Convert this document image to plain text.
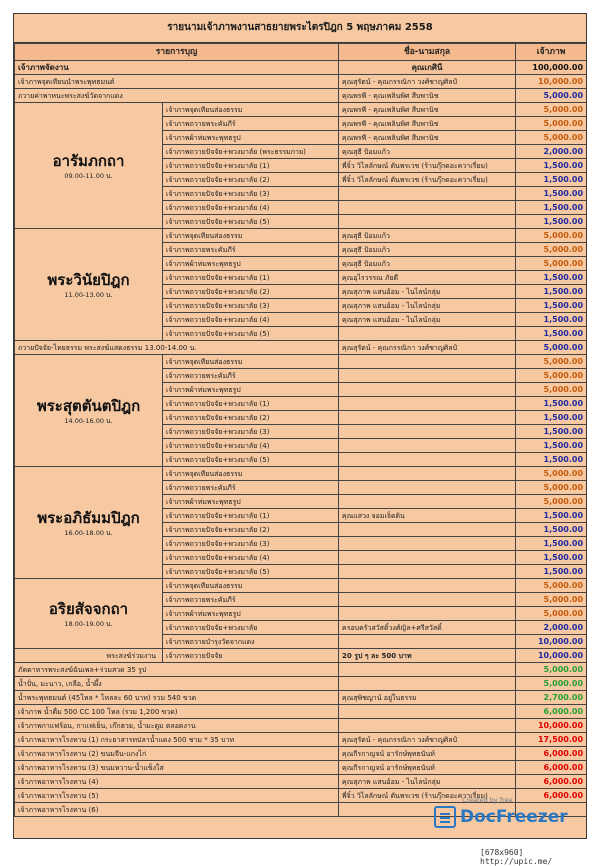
รายนามเจ้าภาพงานสาธยายพระไตรปิฎก 5 พฤษภาคม 2558
รายการบุญ		ชื่อ-นามสกุล	เจ้าภาพ
เจ้าภาพจัดงาน		คุณเกศินี	100,000.00
เจ้าภาพจุดเทียนนำพระพุทธมนต์		คุณสุรัตน์ - คุณกรรณิกา วงศ์ชาญศิลป์	10,000.00
ถวายค่าพาหนะพระสงฆ์วัดจากแดง		คุณพรพี - คุณเพลินพิศ สืบพานิช	5,000.00

อารัมภกถา
09.00-11.00 น.	เจ้าภาพจุดเทียนส่องธรรม	คุณพรพี - คุณเพลินพิศ สืบพานิช	5,000.00
	เจ้าภาพถวายพระคัมภีร์	คุณพรพี - คุณเพลินพิศ สืบพานิช	5,000.00
	เจ้าภาพผ้าห่มพระพุทธรูป	คุณพรพี - คุณเพลินพิศ สืบพานิช	5,000.00
	เจ้าภาพถวายปัจจัย+พวงมาลัย (พระธรรมกาย)	คุณสุธี ป้อมแก้ว	2,000.00
	เจ้าภาพถวายปัจจัย+พวงมาลัย (1)	พี่จิ๋ว วิไลลักษณ์ ตันพรเวช (ร้านกุ๊กดอะควาเรี่ยม)	1,500.00
	เจ้าภาพถวายปัจจัย+พวงมาลัย (2)	พี่จิ๋ว วิไลลักษณ์ ตันพรเวช (ร้านกุ๊กดอะควาเรี่ยม)	1,500.00
	เจ้าภาพถวายปัจจัย+พวงมาลัย (3)		1,500.00
	เจ้าภาพถวายปัจจัย+พวงมาลัย (4)		1,500.00
	เจ้าภาพถวายปัจจัย+พวงมาลัย (5)		1,500.00

พระวินัยปิฎก
11.00-13.00 น.	เจ้าภาพจุดเทียนส่องธรรม	คุณสุธี ป้อมแก้ว	5,000.00
	เจ้าภาพถวายพระคัมภีร์	คุณสุธี ป้อมแก้ว	5,000.00
	เจ้าภาพผ้าห่มพระพุทธรูป	คุณสุธี ป้อมแก้ว	5,000.00
	เจ้าภาพถวายปัจจัย+พวงมาลัย (1)	คุณอุไรวรรณ ภัยดี	1,500.00
	เจ้าภาพถวายปัจจัย+พวงมาลัย (2)	คุณสุภาพ แสนอ้อม - ไนไลน์กลุ่ม	1,500.00
	เจ้าภาพถวายปัจจัย+พวงมาลัย (3)	คุณสุภาพ แสนอ้อม - ไนไลน์กลุ่ม	1,500.00
	เจ้าภาพถวายปัจจัย+พวงมาลัย (4)	คุณสุภาพ แสนอ้อม - ไนไลน์กลุ่ม	1,500.00
	เจ้าภาพถวายปัจจัย+พวงมาลัย (5)		1,500.00
ถวายปัจจัย-ไทยธรรม พระสงฆ์แสดงธรรม 13.00-14.00 น.		คุณสุรัตน์ - คุณกรรณิกา วงศ์ชาญศิลป์	5,000.00

พระสุตตันตปิฎก
14.00-16.00 น.	เจ้าภาพจุดเทียนส่องธรรม		5,000.00
	เจ้าภาพถวายพระคัมภีร์		5,000.00
	เจ้าภาพผ้าห่มพระพุทธรูป		5,000.00
	เจ้าภาพถวายปัจจัย+พวงมาลัย (1)		1,500.00
	เจ้าภาพถวายปัจจัย+พวงมาลัย (2)		1,500.00
	เจ้าภาพถวายปัจจัย+พวงมาลัย (3)		1,500.00
	เจ้าภาพถวายปัจจัย+พวงมาลัย (4)		1,500.00
	เจ้าภาพถวายปัจจัย+พวงมาลัย (5)		1,500.00

พระอภิธัมมปิฎก
16.00-18.00 น.	เจ้าภาพจุดเทียนส่องธรรม		5,000.00
	เจ้าภาพถวายพระคัมภีร์		5,000.00
	เจ้าภาพผ้าห่มพระพุทธรูป		5,000.00
	เจ้าภาพถวายปัจจัย+พวงมาลัย (1)	คุณแสวง จอมเจ็ดดิน	1,500.00
	เจ้าภาพถวายปัจจัย+พวงมาลัย (2)		1,500.00
	เจ้าภาพถวายปัจจัย+พวงมาลัย (3)		1,500.00
	เจ้าภาพถวายปัจจัย+พวงมาลัย (4)		1,500.00
	เจ้าภาพถวายปัจจัย+พวงมาลัย (5)		1,500.00

อริยสัจจกถา
18.00-19.00 น.	เจ้าภาพจุดเทียนส่องธรรม		5,000.00
	เจ้าภาพถวายพระคัมภีร์		5,000.00
	เจ้าภาพผ้าห่มพระพุทธรูป		5,000.00
	เจ้าภาพถวายปัจจัย+พวงมาลัย	ครอบครัวสวัสดิ์วงศ์ญิล+ศรีสวัสดิ์	2,000.00
	เจ้าภาพถวายบำรุงวัดจากแดง		10,000.00
พระสงฆ์ร่วมงาน	เจ้าภาพถวายปัจจัย	20 รูป ๆ ละ 500 บาท	10,000.00
ภัตตาหารพระสงฆ์ฉันเพล+ร่วมสวด 35 รูป			5,000.00
น้ำปั่น, มะนาว, เกลือ, น้ำผึ้ง			5,000.00
น้ำพระพุทธมนต์ (45โหล * โหลละ 60 บาท) รวม 540 ขวด		คุณสุพิชญาน์ อยู่ในธรรม	2,700.00
เจ้าภาพ น้ำดื่ม 500 CC 100 โหล (รวม 1,200 ขวด)			6,000.00
เจ้าภาพกาแฟร้อน, กาแฟเย็น, เก๊กฮวย, น้ำมะตูม ตลอดงาน			10,000.00
เจ้าภาพอาหารโรงทาน (1) กระยาสารทปลาน้ำแดง 500 ชาม * 35 บาท		คุณสุรัตน์ - คุณกรรณิกา วงศ์ชาญศิลป์	17,500.00
เจ้าภาพอาหารโรงทาน (2) ขนมจีน-แกงไก่		คุณกีรกาญจน์ อารักษ์พุทธนันท์	6,000.00
เจ้าภาพอาหารโรงทาน (3) ขนมหวาน-น้ำแข็งใส		คุณกีรกาญจน์ อารักษ์พุทธนันท์	6,000.00
เจ้าภาพอาหารโรงทาน (4)		คุณสุภาพ แสนอ้อม - ไนไลน์กลุ่ม	6,000.00
เจ้าภาพอาหารโรงทาน (5)		พี่จิ๋ว วิไลลักษณ์ ตันพรเวช (ร้านกุ๊กดอะควาเรี่ยม)	6,000.00
เจ้าภาพอาหารโรงทาน (6)			
Created by free
DocFreezer
[678x960] http://upic.me/
